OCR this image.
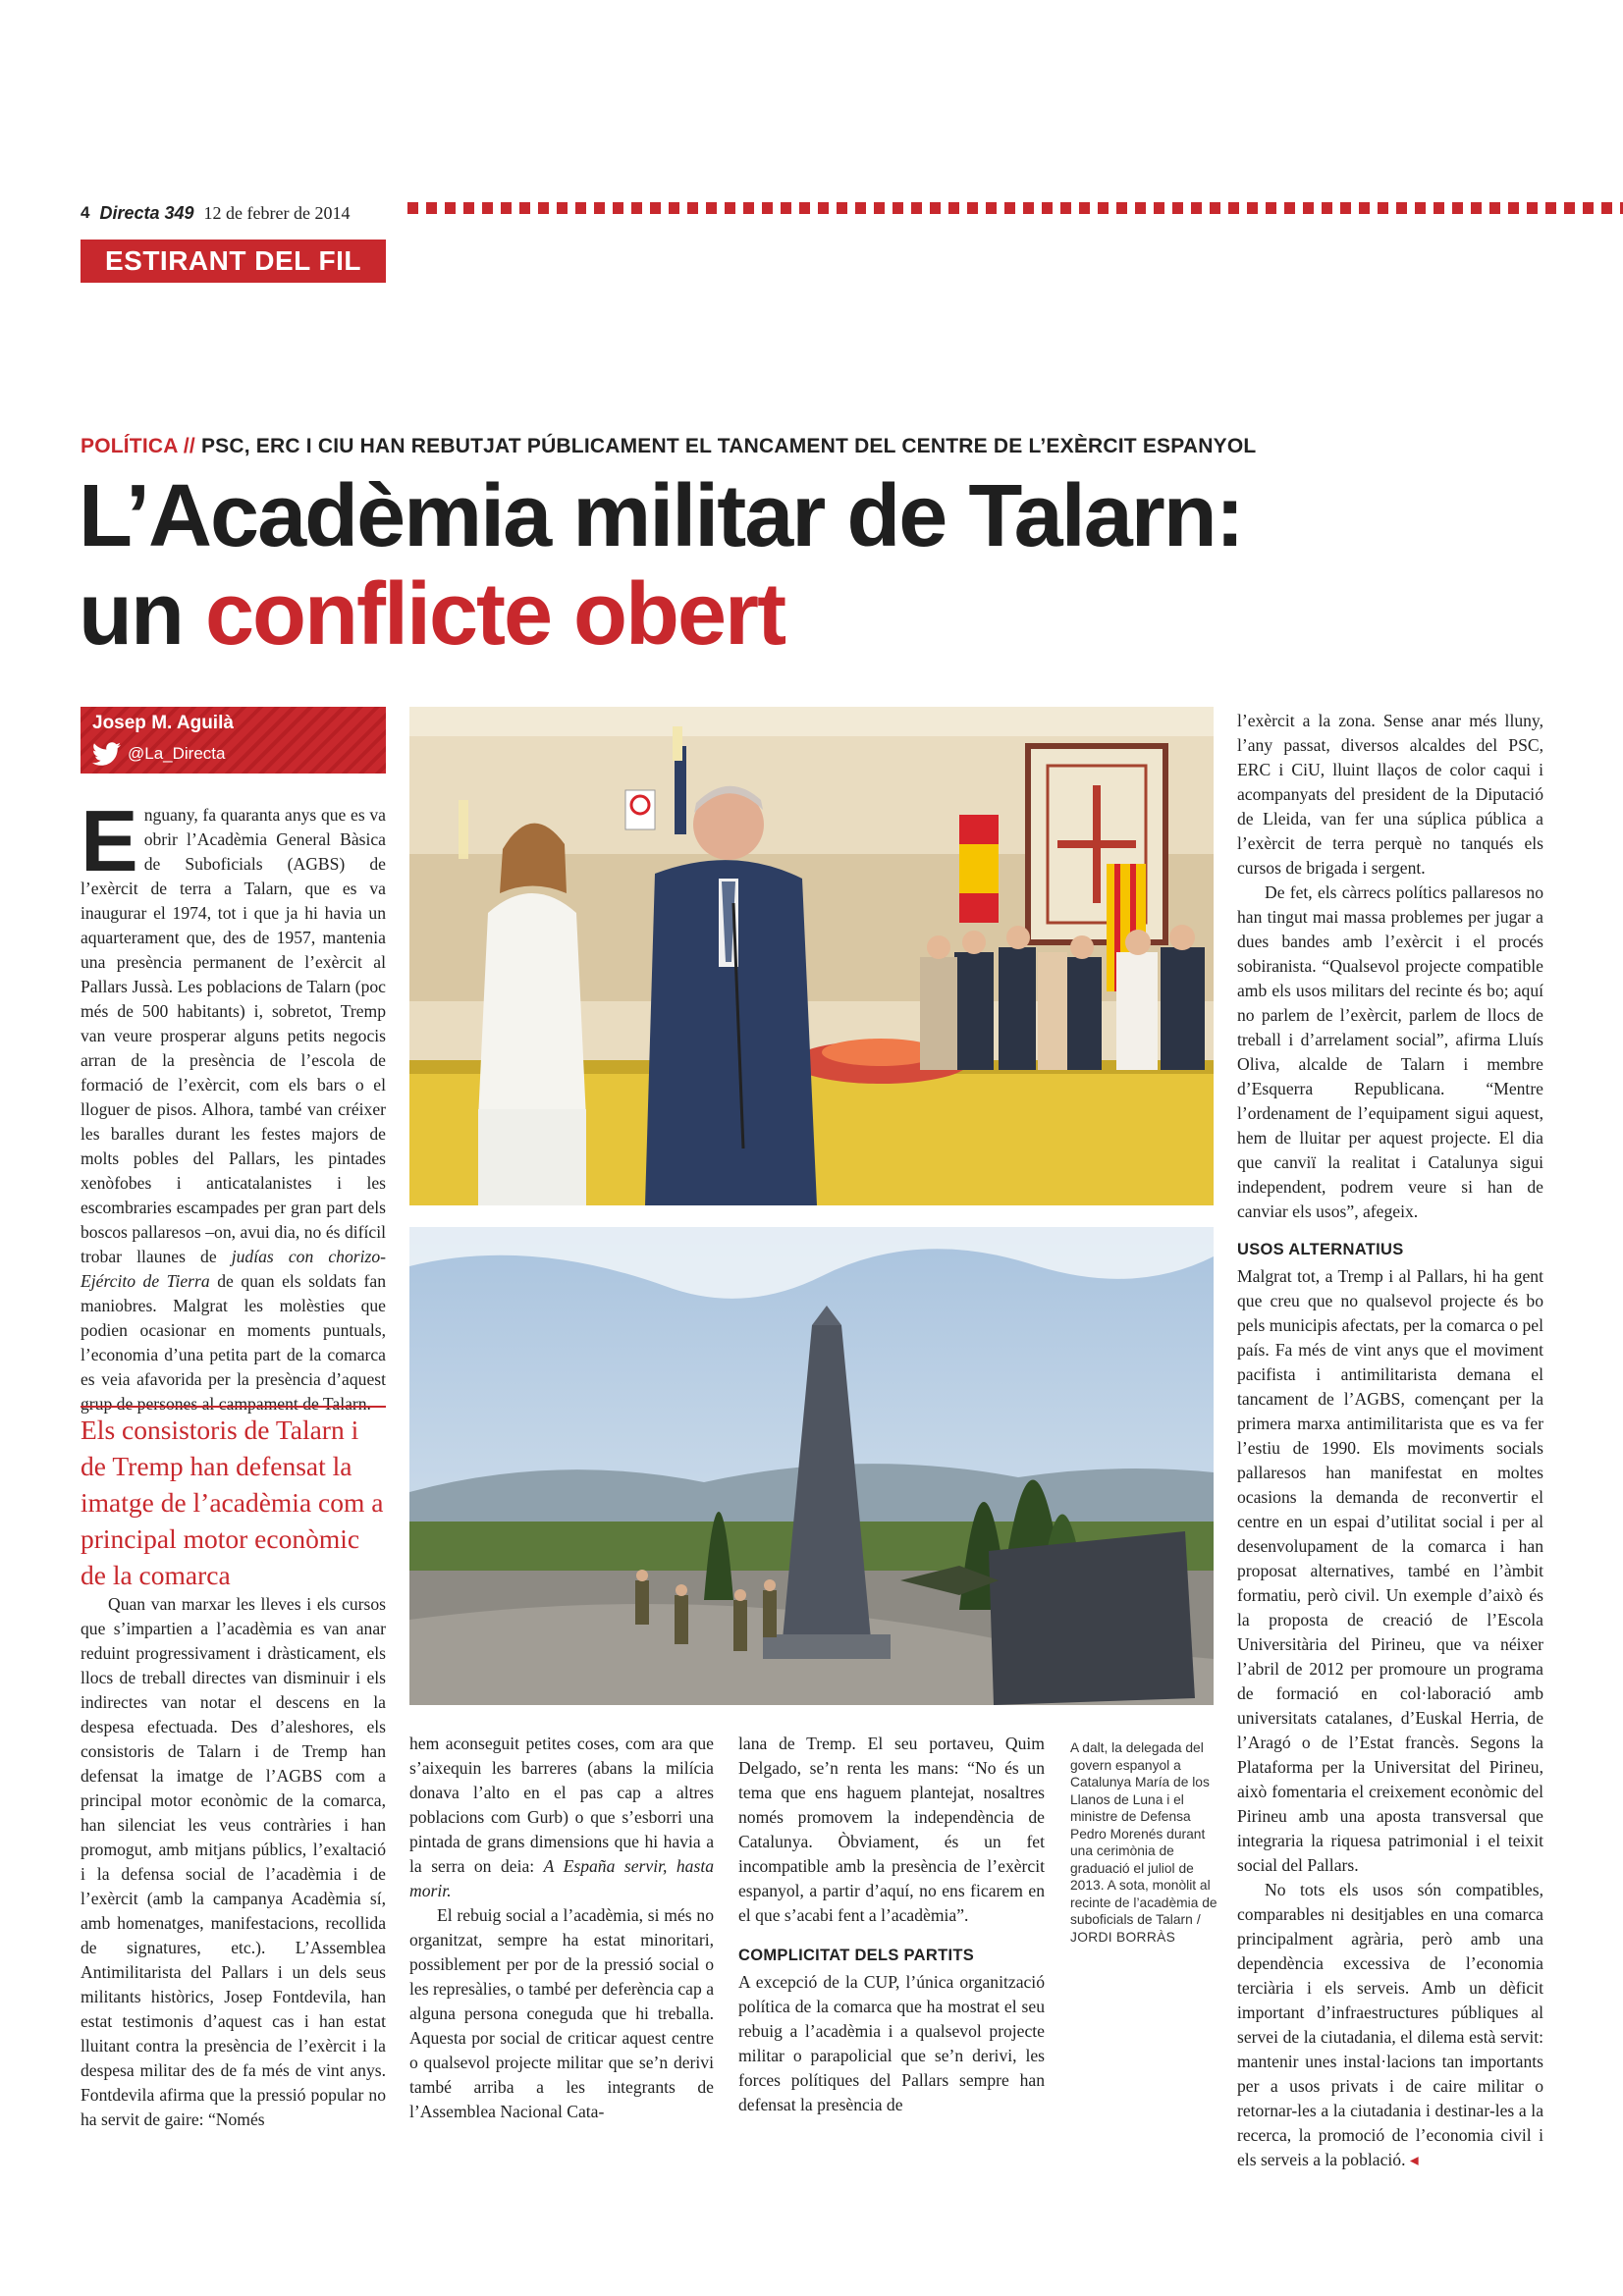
4 Directa 349 12 de febrer de 2014
ESTIRANT DEL FIL
POLÍTICA // PSC, ERC I CIU HAN REBUTJAT PÚBLICAMENT EL TANCAMENT DEL CENTRE DE L’EXÈRCIT ESPANYOL
L’Acadèmia militar de Talarn:
un conflicte obert
Josep M. Aguilà
@La_Directa

Enguany, fa quaranta anys que es va obrir l’Acadèmia General Bàsica de Suboficials (AGBS) de l’exèrcit de terra a Talarn, que es va inaugurar el 1974, tot i que ja hi havia un aquarterament que, des de 1957, mantenia una presència permanent de l’exèrcit al Pallars Jussà. Les poblacions de Talarn (poc més de 500 habitants) i, sobretot, Tremp van veure prosperar alguns petits negocis arran de la presència de l’escola de formació de l’exèrcit, com els bars o el lloguer de pisos. Alhora, també van créixer les baralles durant les festes majors de molts pobles del Pallars, les pintades xenòfobes i anticatalanistes i les escombraries escampades per gran part dels boscos pallaresos –on, avui dia, no és difícil trobar llaunes de judías con chorizo-Ejército de Tierra de quan els soldats fan maniobres. Malgrat les molèsties que podien ocasionar en moments puntuals, l’economia d’una petita part de la comarca es veia afavorida per la presència d’aquest grup de persones al campament de Talarn.

Els consistoris de Talarn i de Tremp han defensat la imatge de l’acadèmia com a principal motor econòmic de la comarca

Quan van marxar les lleves i els cursos que s’impartien a l’acadèmia es van anar reduint progressivament i dràsticament, els llocs de treball directes van disminuir i els indirectes van notar el descens en la despesa efectuada. Des d’aleshores, els consistoris de Talarn i de Tremp han defensat la imatge de l’AGBS com a principal motor econòmic de la comarca, han silenciat les veus contràries i han promogut, amb mitjans públics, l’exaltació i la defensa social de l’acadèmia i de l’exèrcit (amb la campanya Acadèmia sí, amb homenatges, manifestacions, recollida de signatures, etc.). L’Assemblea Antimilitarista del Pallars i un dels seus militants històrics, Josep Fontdevila, han estat testimonis d’aquest cas i han estat lluitant contra la presència de l’exèrcit i la despesa militar des de fa més de vint anys. Fontdevila afirma que la pressió popular no ha servit de gaire: “Només

hem aconseguit petites coses, com ara que s’aixequin les barreres (abans la milícia donava l’alto en el pas cap a altres poblacions com Gurb) o que s’esborri una pintada de grans dimensions que hi havia a la serra on deia: A España servir, hasta morir.

El rebuig social a l’acadèmia, si més no organitzat, sempre ha estat minoritari, possiblement per por de la pressió social o les represàlies, o també per deferència cap a alguna persona coneguda que hi treballa. Aquesta por social de criticar aquest centre o qualsevol projecte militar que se’n derivi també arriba a les integrants de l’Assemblea Nacional Cata-

lana de Tremp. El seu portaveu, Quim Delgado, se’n renta les mans: “No és un tema que ens haguem plantejat, nosaltres només promovem la independència de Catalunya. Òbviament, és un fet incompatible amb la presència de l’exèrcit espanyol, a partir d’aquí, no ens ficarem en el que s’acabi fent a l’acadèmia”.

COMPLICITAT DELS PARTITS

A excepció de la CUP, l’única organització política de la comarca que ha mostrat el seu rebuig a l’acadèmia i a qualsevol projecte militar o parapolicial que se’n derivi, les forces polítiques del Pallars sempre han defensat la presència de

A dalt, la delegada del govern espanyol a Catalunya María de los Llanos de Luna i el ministre de Defensa Pedro Morenés durant una cerimònia de graduació el juliol de 2013. A sota, monòlit al recinte de l’acadèmia de suboficials de Talarn / JORDI BORRÀS

l’exèrcit a la zona. Sense anar més lluny, l’any passat, diversos alcaldes del PSC, ERC i CiU, lluint llaços de color caqui i acompanyats del president de la Diputació de Lleida, van fer una súplica pública a l’exèrcit de terra perquè no tanqués els cursos de brigada i sergent.

De fet, els càrrecs polítics pallaresos no han tingut mai massa problemes per jugar a dues bandes amb l’exèrcit i el procés sobiranista. “Qualsevol projecte compatible amb els usos militars del recinte és bo; aquí no parlem de l’exèrcit, parlem de llocs de treball i d’arrelament social”, afirma Lluís Oliva, alcalde de Talarn i membre d’Esquerra Republicana. “Mentre l’ordenament de l’equipament sigui aquest, hem de lluitar per aquest projecte. El dia que canviï la realitat i Catalunya sigui independent, podrem veure si han de canviar els usos”, afegeix.

USOS ALTERNATIUS

Malgrat tot, a Tremp i al Pallars, hi ha gent que creu que no qualsevol projecte és bo pels municipis afectats, per la comarca o pel país. Fa més de vint anys que el moviment pacifista i antimilitarista demana el tancament de l’AGBS, començant per la primera marxa antimilitarista que es va fer l’estiu de 1990. Els moviments socials pallaresos han manifestat en moltes ocasions la demanda de reconvertir el centre en un espai d’utilitat social i per al desenvolupament de la comarca i han proposat alternatives, també en l’àmbit formatiu, però civil. Un exemple d’això és la proposta de creació de l’Escola Universitària del Pirineu, que va néixer l’abril de 2012 per promoure un programa de formació en col·laboració amb universitats catalanes, d’Euskal Herria, de l’Aragó o de l’Estat francès. Segons la Plataforma per la Universitat del Pirineu, això fomentaria el creixement econòmic del Pirineu amb una aposta transversal que integraria la riquesa patrimonial i el teixit social del Pallars.

No tots els usos són compatibles, comparables ni desitjables en una comarca principalment agrària, però amb una dependència excessiva de l’economia terciària i els serveis. Amb un dèficit important d’infraestructures públiques al servei de la ciutadania, el dilema està servit: mantenir unes instal·lacions tan importants per a usos privats i de caire militar o retornar-les a la ciutadania i destinar-les a la recerca, la promoció de l’economia civil i els serveis a la població. ◂
